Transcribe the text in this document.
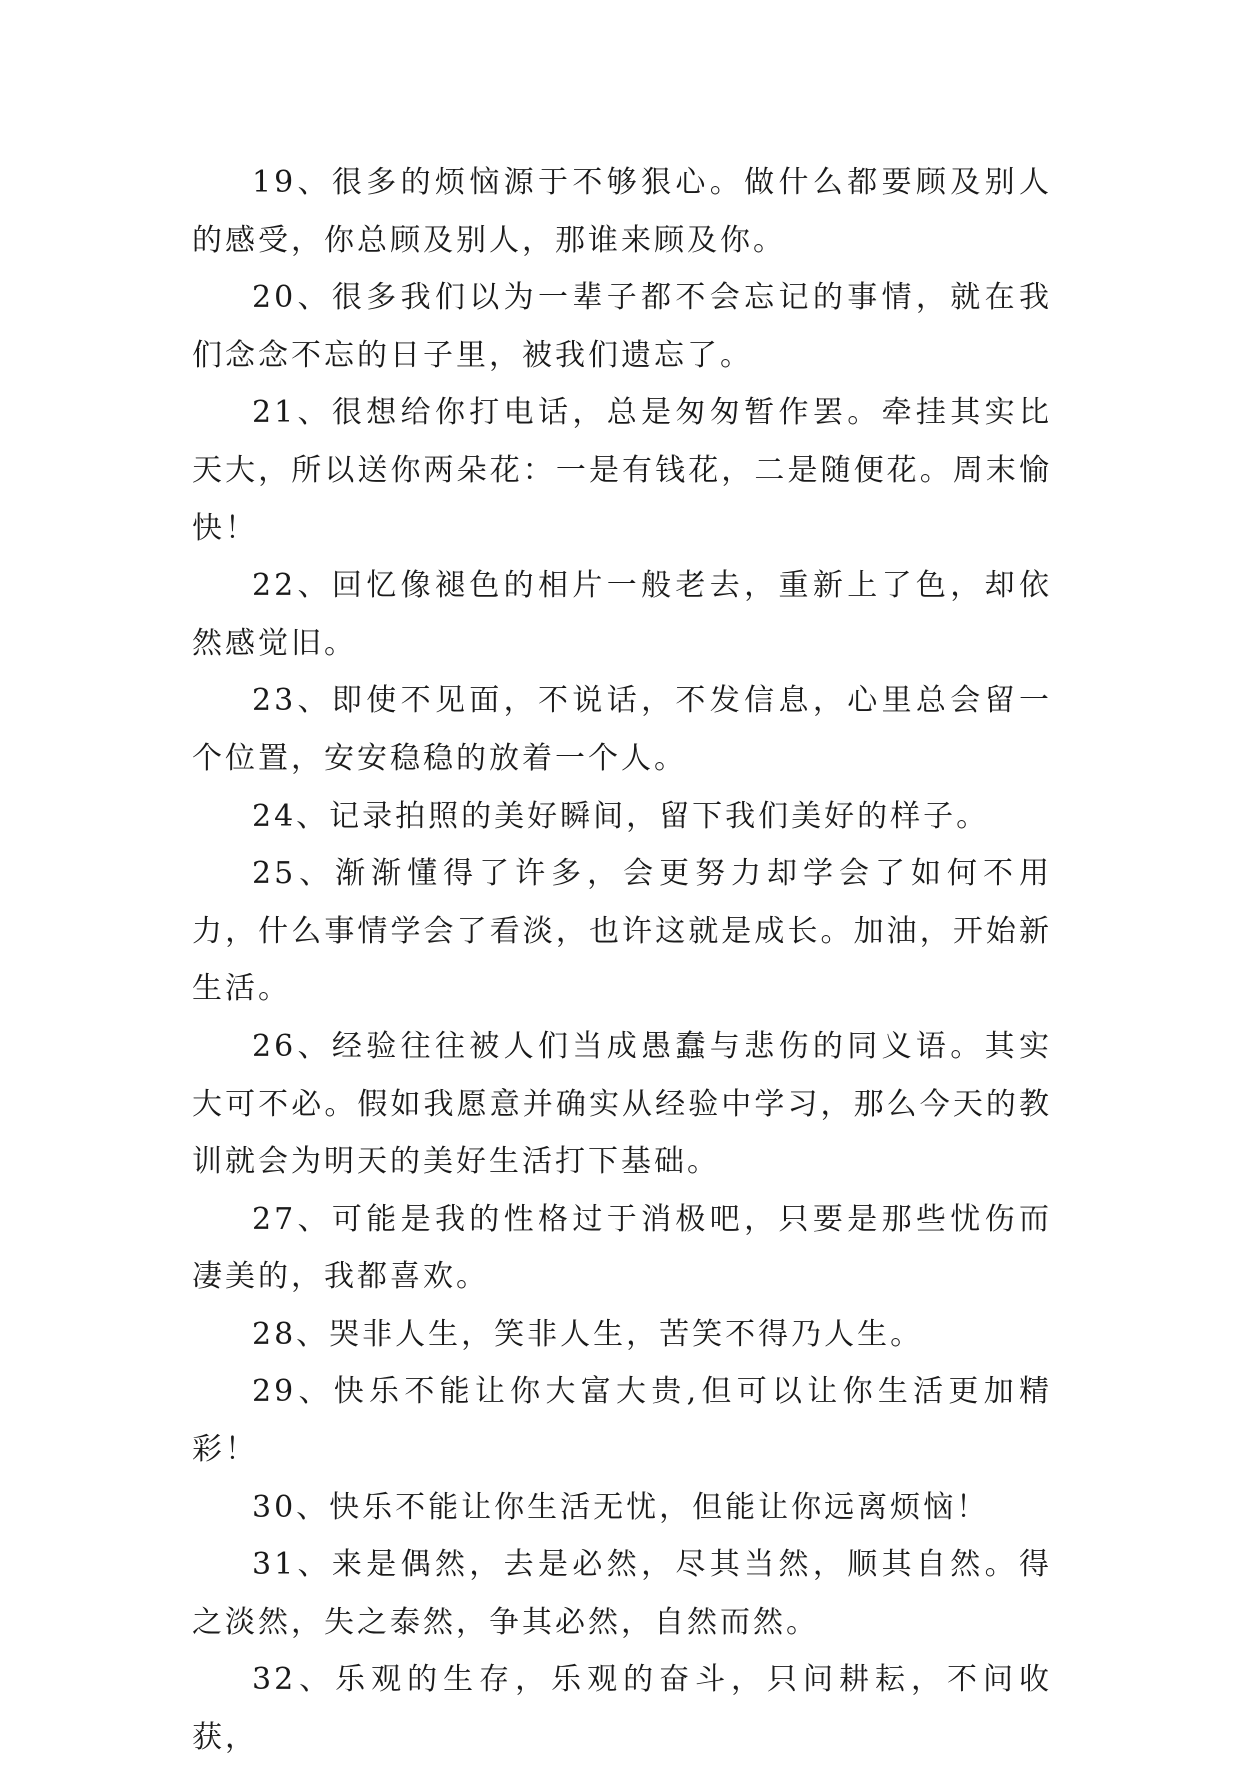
19、很多的烦恼源于不够狠心。做什么都要顾及别人的感受，你总顾及别人，那谁来顾及你。

20、很多我们以为一辈子都不会忘记的事情，就在我们念念不忘的日子里，被我们遗忘了。

21、很想给你打电话，总是匆匆暂作罢。牵挂其实比天大，所以送你两朵花：一是有钱花，二是随便花。周末愉快！

22、回忆像褪色的相片一般老去，重新上了色，却依然感觉旧。

23、即使不见面，不说话，不发信息，心里总会留一个位置，安安稳稳的放着一个人。

24、记录拍照的美好瞬间，留下我们美好的样子。

25、渐渐懂得了许多，会更努力却学会了如何不用力，什么事情学会了看淡，也许这就是成长。加油，开始新生活。

26、经验往往被人们当成愚蠢与悲伤的同义语。其实大可不必。假如我愿意并确实从经验中学习，那么今天的教训就会为明天的美好生活打下基础。

27、可能是我的性格过于消极吧，只要是那些忧伤而凄美的，我都喜欢。

28、哭非人生，笑非人生，苦笑不得乃人生。

29、快乐不能让你大富大贵,但可以让你生活更加精彩！

30、快乐不能让你生活无忧，但能让你远离烦恼！

31、来是偶然，去是必然，尽其当然，顺其自然。得之淡然，失之泰然，争其必然，自然而然。

32、乐观的生存，乐观的奋斗，只问耕耘，不问收获，
